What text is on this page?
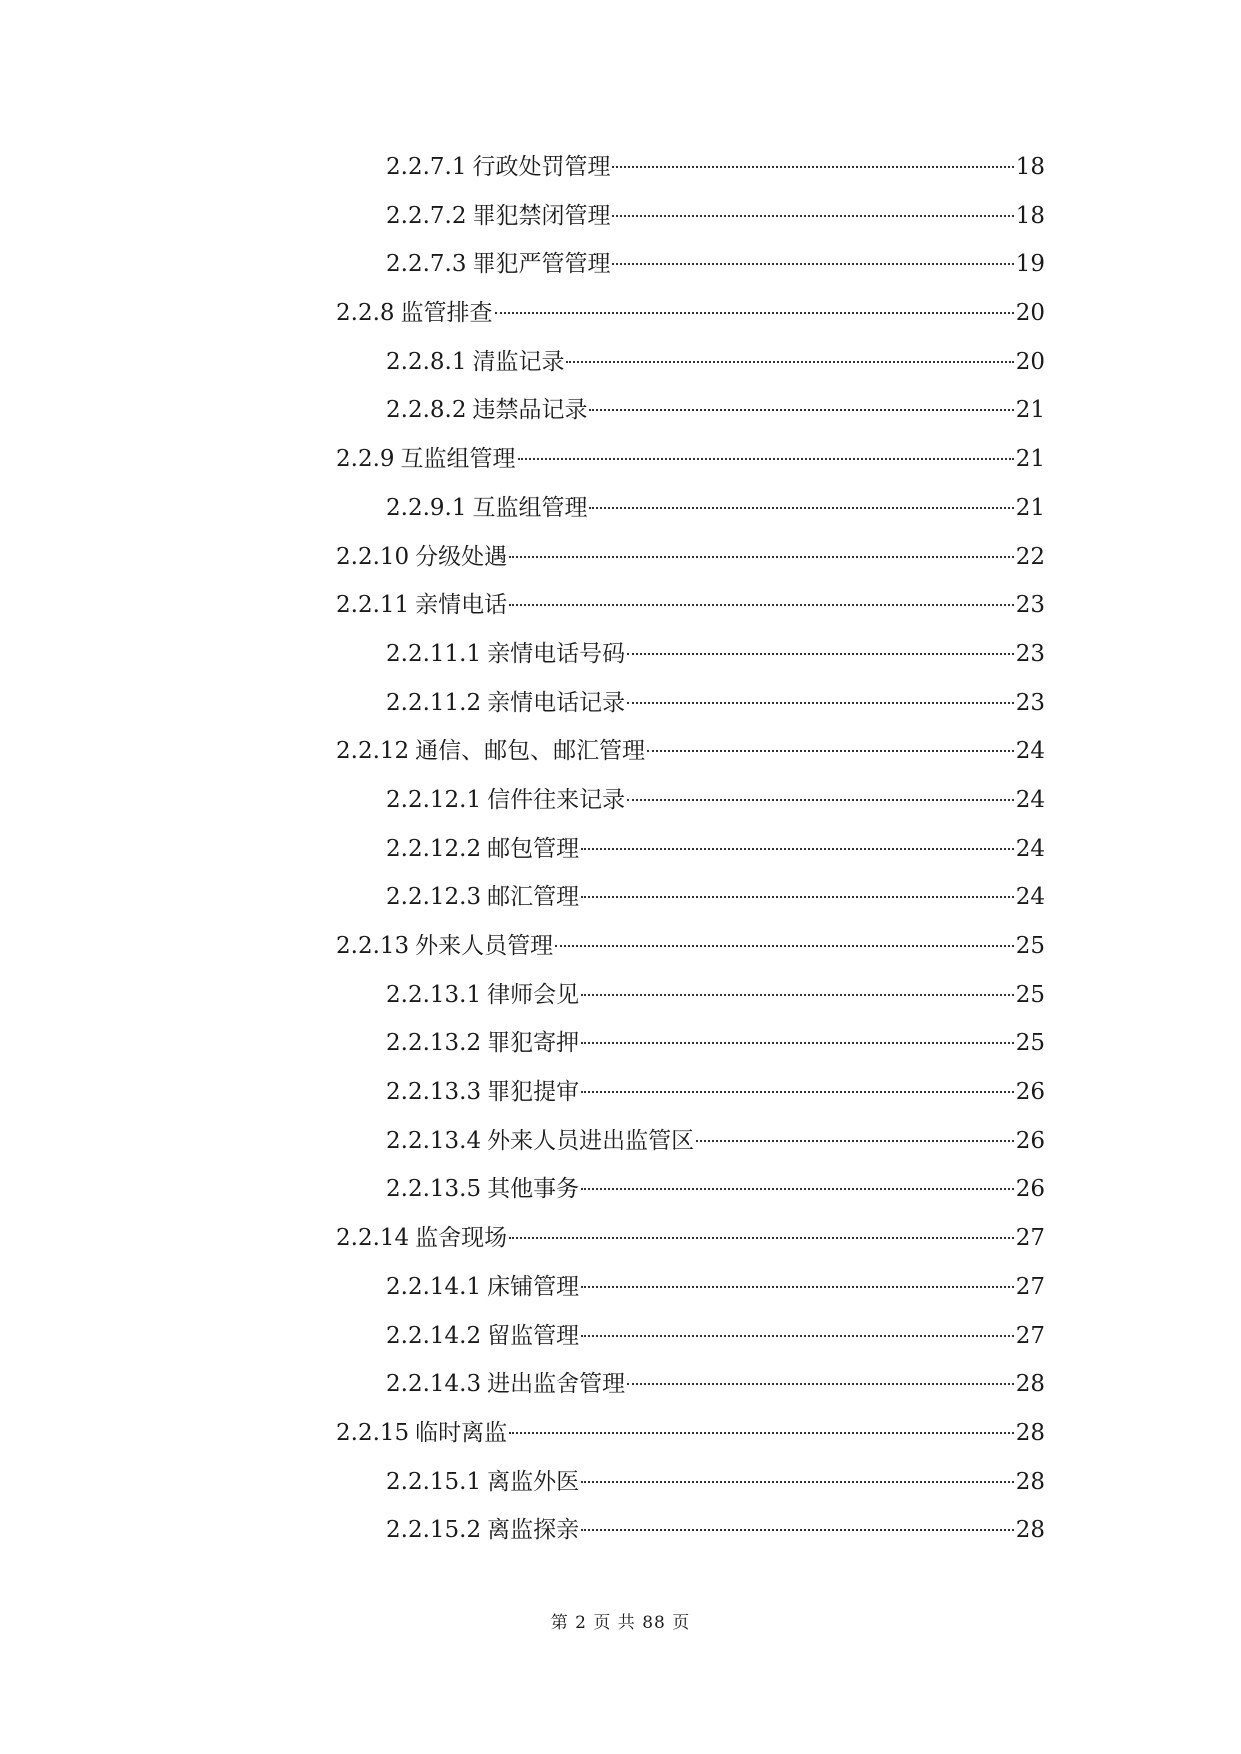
2.2.7.1 行政处罚管理	18
2.2.7.2 罪犯禁闭管理	18
2.2.7.3 罪犯严管管理	19
2.2.8 监管排查	20
2.2.8.1 清监记录	20
2.2.8.2 违禁品记录	21
2.2.9 互监组管理	21
2.2.9.1 互监组管理	21
2.2.10 分级处遇	22
2.2.11 亲情电话	23
2.2.11.1 亲情电话号码	23
2.2.11.2 亲情电话记录	23
2.2.12 通信、邮包、邮汇管理	24
2.2.12.1 信件往来记录	24
2.2.12.2 邮包管理	24
2.2.12.3 邮汇管理	24
2.2.13 外来人员管理	25
2.2.13.1 律师会见	25
2.2.13.2 罪犯寄押	25
2.2.13.3 罪犯提审	26
2.2.13.4 外来人员进出监管区	26
2.2.13.5 其他事务	26
2.2.14 监舍现场	27
2.2.14.1 床铺管理	27
2.2.14.2 留监管理	27
2.2.14.3 进出监舍管理	28
2.2.15 临时离监	28
2.2.15.1 离监外医	28
2.2.15.2 离监探亲	28
第 2 页 共 88 页
